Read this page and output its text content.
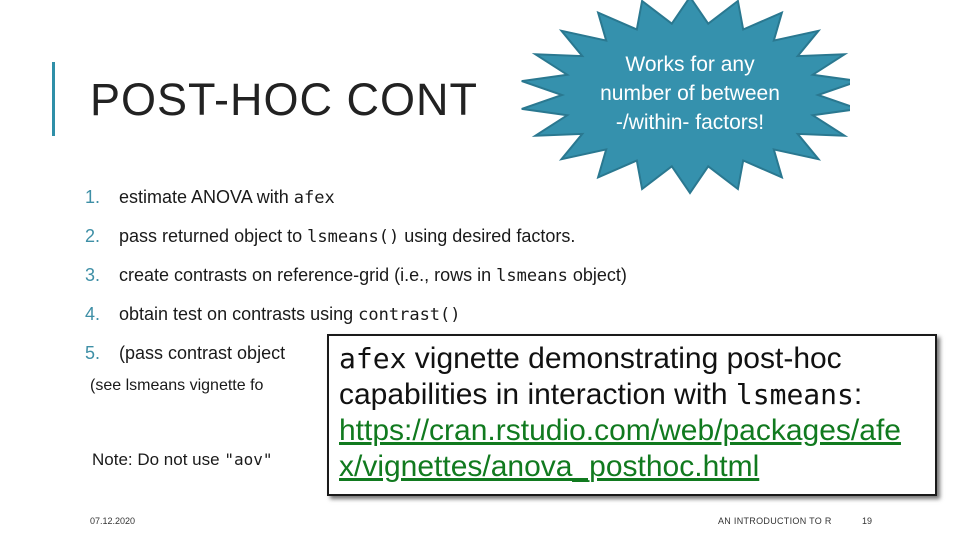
POST-HOC CONT
Works for any
number of between
-/within- factors!
1.	estimate ANOVA with afex
2.	pass returned object to lsmeans() using desired factors.
3.	create contrasts on reference-grid (i.e., rows in lsmeans object)
4.	obtain test on contrasts using contrast()
5.	(pass contrast object
(see lsmeans vignette fo
Note: Do not use "aov"
afex vignette demonstrating post-hoc
capabilities in interaction with lsmeans:
https://cran.rstudio.com/web/packages/afe
x/vignettes/anova_posthoc.html
07.12.2020	AN INTRODUCTION TO R	19
